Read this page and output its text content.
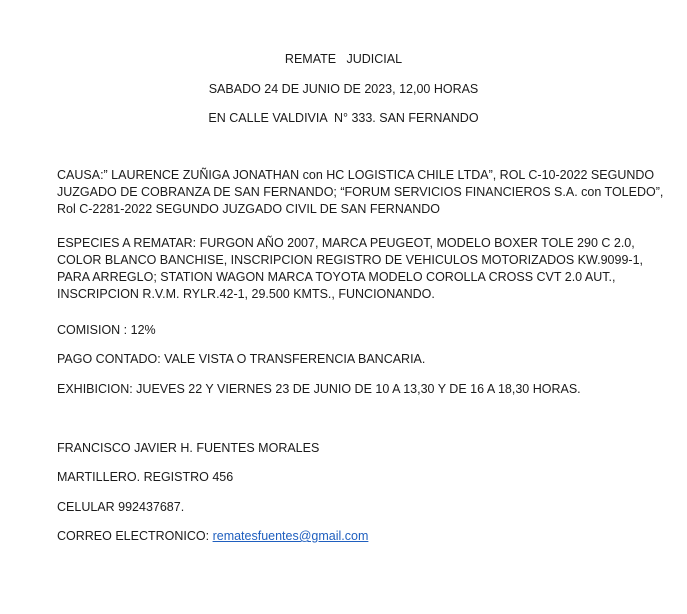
REMATE   JUDICIAL
SABADO 24 DE JUNIO DE 2023, 12,00 HORAS
EN CALLE VALDIVIA  N° 333. SAN FERNANDO
CAUSA:” LAURENCE ZUÑIGA JONATHAN con HC LOGISTICA CHILE LTDA”, ROL C-10-2022 SEGUNDO
JUZGADO DE COBRANZA DE SAN FERNANDO; “FORUM SERVICIOS FINANCIEROS S.A. con TOLEDO”,
Rol C-2281-2022 SEGUNDO JUZGADO CIVIL DE SAN FERNANDO
ESPECIES A REMATAR: FURGON AÑO 2007, MARCA PEUGEOT, MODELO BOXER TOLE 290 C 2.0,
COLOR BLANCO BANCHISE, INSCRIPCION REGISTRO DE VEHICULOS MOTORIZADOS KW.9099-1,
PARA ARREGLO; STATION WAGON MARCA TOYOTA MODELO COROLLA CROSS CVT 2.0 AUT.,
INSCRIPCION R.V.M. RYLR.42-1, 29.500 KMTS., FUNCIONANDO.
COMISION : 12%
PAGO CONTADO: VALE VISTA O TRANSFERENCIA BANCARIA.
EXHIBICION: JUEVES 22 Y VIERNES 23 DE JUNIO DE 10 A 13,30 Y DE 16 A 18,30 HORAS.
FRANCISCO JAVIER H. FUENTES MORALES
MARTILLERO. REGISTRO 456
CELULAR 992437687.
CORREO ELECTRONICO: rematesfuentes@gmail.com
